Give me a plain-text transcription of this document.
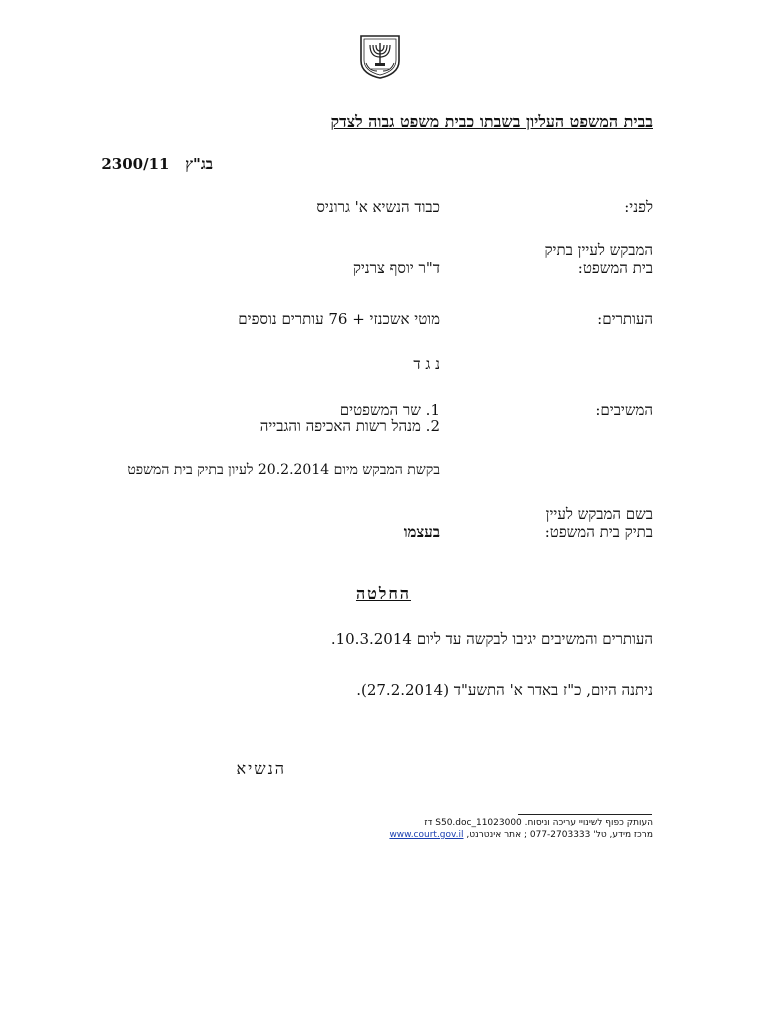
בבית המשפט העליון בשבתו כבית משפט גבוה לצדק
בג"ץ   2300/11
לפני:
כבוד הנשיא א' גרוניס
המבקש לעיין בתיק
בית המשפט:
ד"ר יוסף צרניק
העותרים:
מוטי אשכנזי + 76 עותרים נוספים
נ ג ד
המשיבים:
1. שר המשפטים
2. מנהל רשות האכיפה והגבייה
בקשת המבקש מיום 20.2.2014 לעיון בתיק בית המשפט
בשם המבקש לעיין
בתיק בית המשפט:
בעצמו
החלטה
העותרים והמשיבים יגיבו לבקשה עד ליום 10.3.2014.
ניתנה היום, כ"ז באדר א' התשע"ד (27.2.2014).
הנשיא
העותק כפוף לשינויי עריכה וניסוח. 11023000_S50.doc דז
מרכז מידע, טל' 077-2703333 ; אתר אינטרנט, www.court.gov.il
